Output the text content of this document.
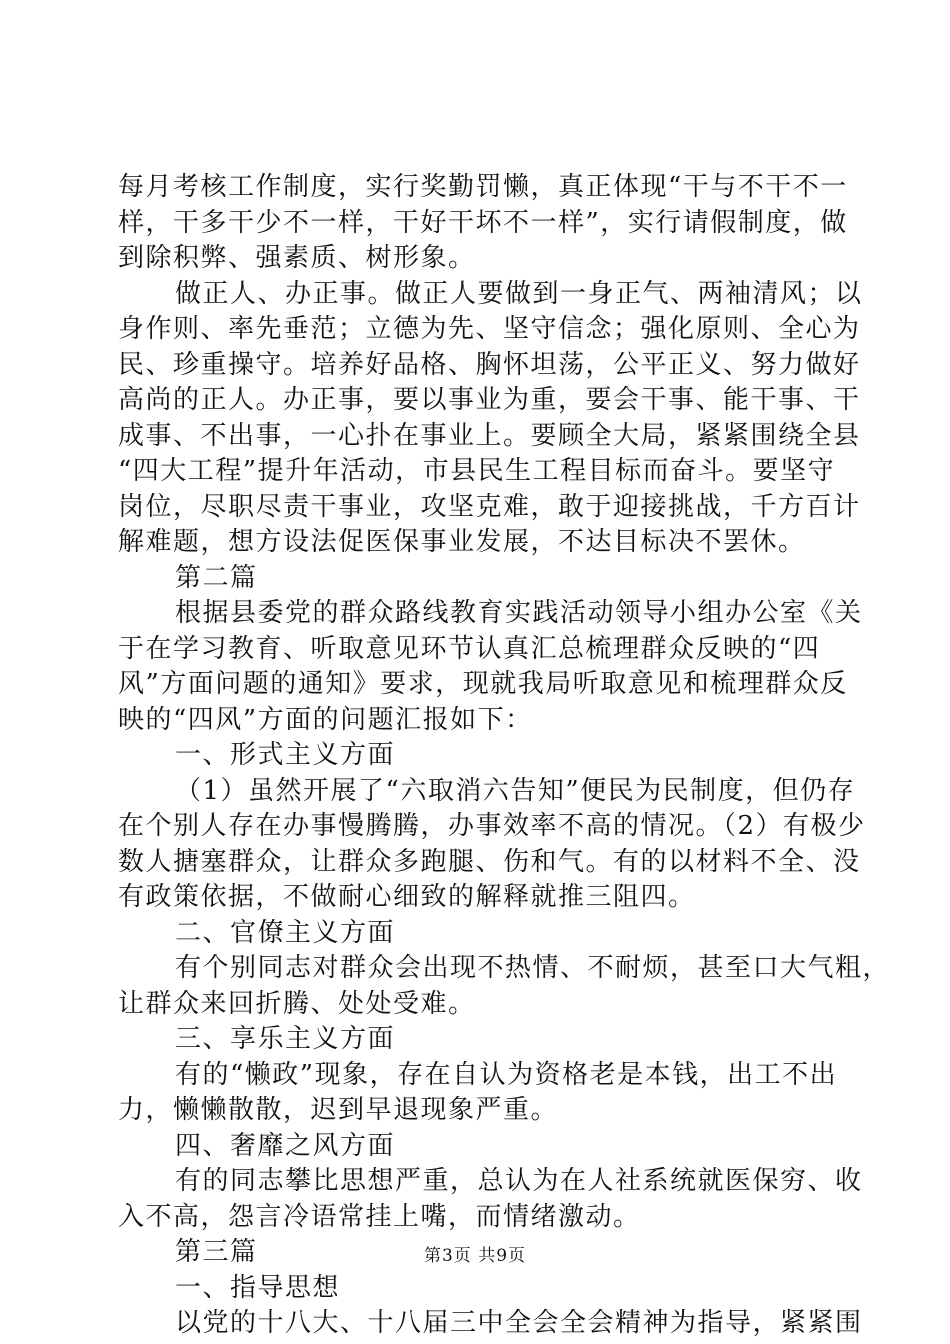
每月考核工作制度，实行奖勤罚懒，真正体现“干与不干不一
样，干多干少不一样，干好干坏不一样”，实行请假制度，做
到除积弊、强素质、树形象。
做正人、办正事。做正人要做到一身正气、两袖清风；以
身作则、率先垂范；立德为先、坚守信念；强化原则、全心为
民、珍重操守。培养好品格、胸怀坦荡，公平正义、努力做好
高尚的正人。办正事，要以事业为重，要会干事、能干事、干
成事、不出事，一心扑在事业上。要顾全大局，紧紧围绕全县
“四大工程”提升年活动，市县民生工程目标而奋斗。要坚守
岗位，尽职尽责干事业，攻坚克难，敢于迎接挑战，千方百计
解难题，想方设法促医保事业发展，不达目标决不罢休。
第二篇
根据县委党的群众路线教育实践活动领导小组办公室《关
于在学习教育、听取意见环节认真汇总梳理群众反映的“四
风”方面问题的通知》要求，现就我局听取意见和梳理群众反
映的“四风”方面的问题汇报如下：
一、形式主义方面
（1）虽然开展了“六取消六告知”便民为民制度，但仍存
在个别人存在办事慢腾腾，办事效率不高的情况。（2）有极少
数人搪塞群众，让群众多跑腿、伤和气。有的以材料不全、没
有政策依据，不做耐心细致的解释就推三阻四。
二、官僚主义方面
有个别同志对群众会出现不热情、不耐烦，甚至口大气粗，
让群众来回折腾、处处受难。
三、享乐主义方面
有的“懒政”现象，存在自认为资格老是本钱，出工不出
力，懒懒散散，迟到早退现象严重。
四、奢靡之风方面
有的同志攀比思想严重，总认为在人社系统就医保穷、收
入不高，怨言冷语常挂上嘴，而情绪激动。
第三篇
一、指导思想
以党的十八大、十八届三中全会全会精神为指导，紧紧围
第3页 共9页
